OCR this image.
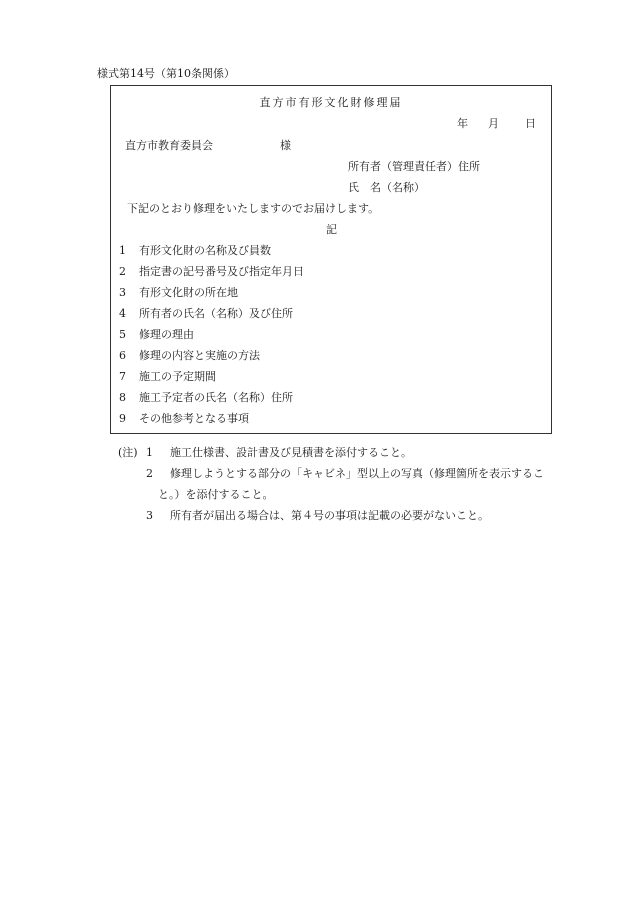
様式第14号（第10条関係）
直方市有形文化財修理届
年 月 日
直方市教育委員会	様
所有者（管理責任者）住所
氏　名（名称）
下記のとおり修理をいたしますのでお届けします。
記
1 有形文化財の名称及び員数
2 指定書の記号番号及び指定年月日
3 有形文化財の所在地
4 所有者の氏名（名称）及び住所
5 修理の理由
6 修理の内容と実施の方法
7 施工の予定期間
8 施工予定者の氏名（名称）住所
9 その他参考となる事項
(注) 1 施工仕様書、設計書及び見積書を添付すること。
2 修理しようとする部分の「キャビネ」型以上の写真（修理箇所を表示するこ
と。）を添付すること。
3 所有者が届出る場合は、第４号の事項は記載の必要がないこと。
